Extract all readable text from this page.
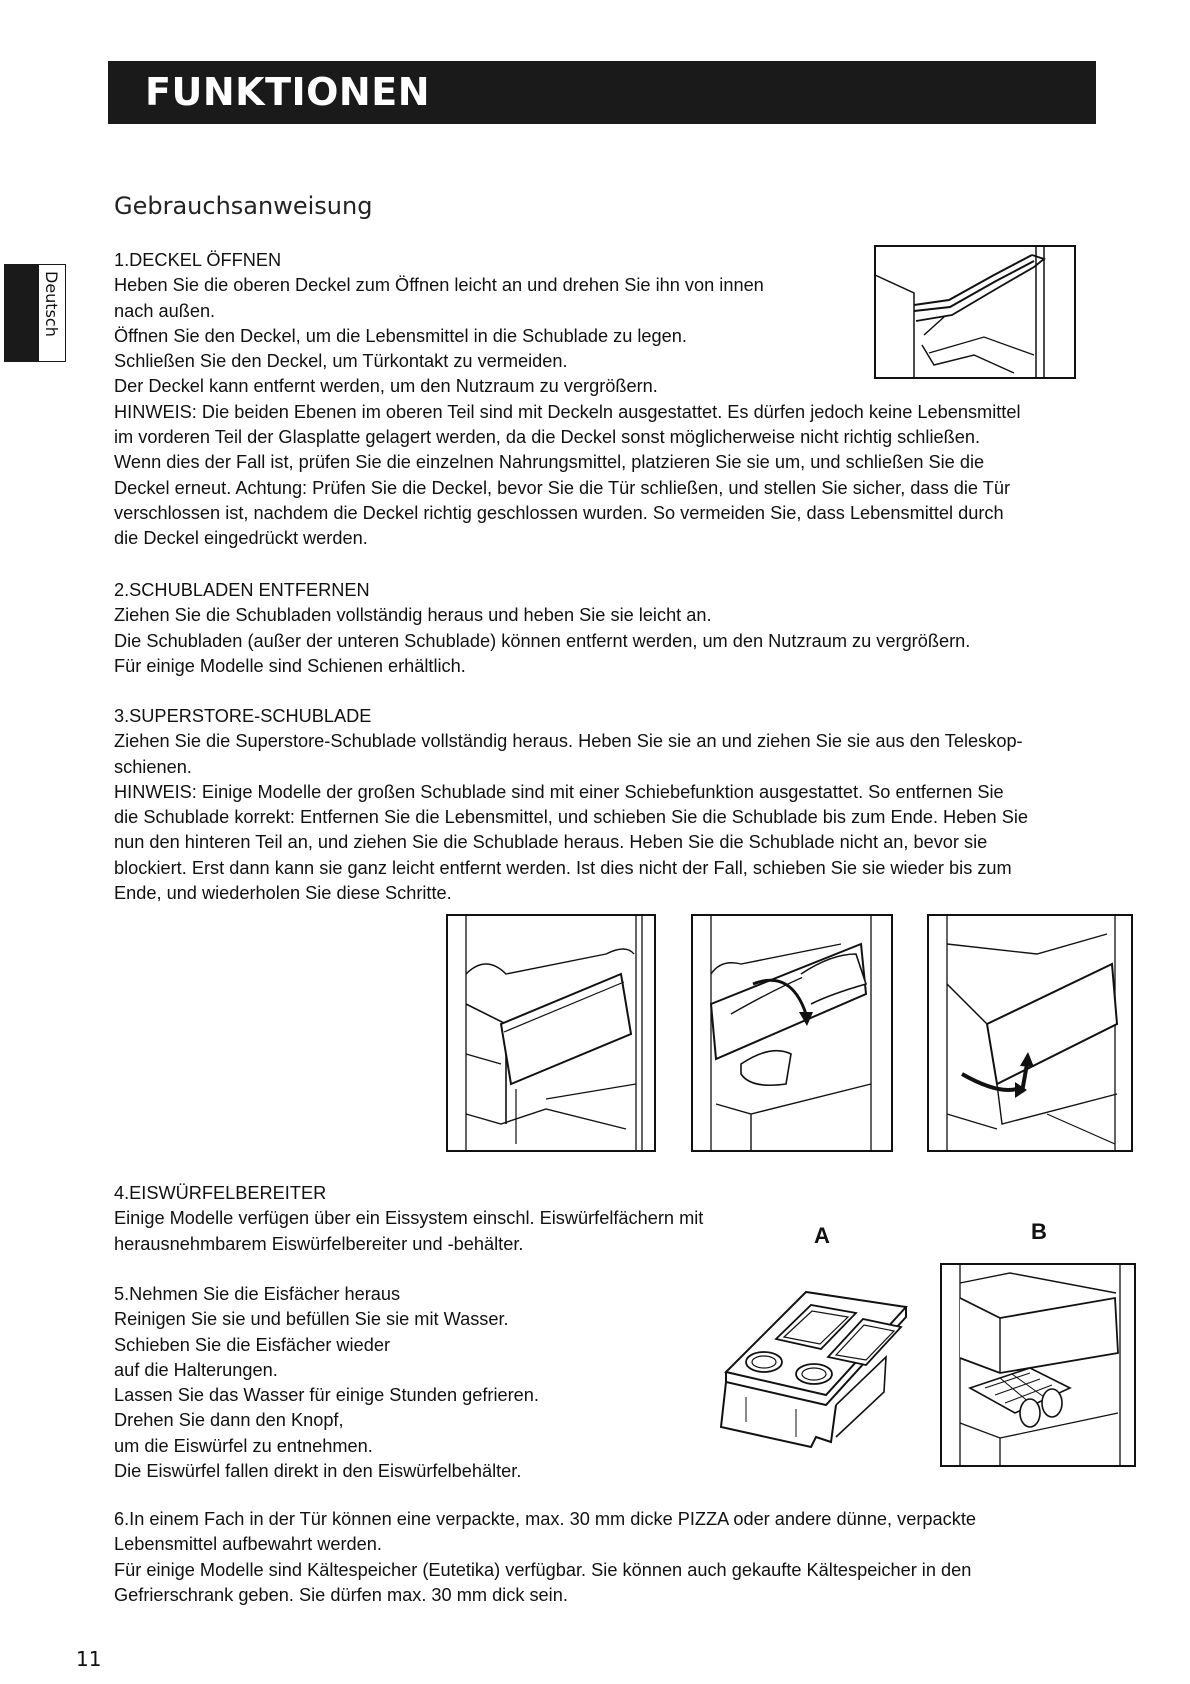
FUNKTIONEN
Deutsch
Gebrauchsanweisung

1.DECKEL ÖFFNEN

Heben Sie die oberen Deckel zum Öffnen leicht an und drehen Sie ihn von innen

nach außen.

Öffnen Sie den Deckel, um die Lebensmittel in die Schublade zu legen.

Schließen Sie den Deckel, um Türkontakt zu vermeiden.

Der Deckel kann entfernt werden, um den Nutzraum zu vergrößern.

HINWEIS: Die beiden Ebenen im oberen Teil sind mit Deckeln ausgestattet. Es dürfen jedoch keine Lebensmittel

im vorderen Teil der Glasplatte gelagert werden, da die Deckel sonst möglicherweise nicht richtig schließen.

Wenn dies der Fall ist, prüfen Sie die einzelnen Nahrungsmittel, platzieren Sie sie um, und schließen Sie die

Deckel erneut. Achtung: Prüfen Sie die Deckel, bevor Sie die Tür schließen, und stellen Sie sicher, dass die Tür

verschlossen ist, nachdem die Deckel richtig geschlossen wurden. So vermeiden Sie, dass Lebensmittel durch

die Deckel eingedrückt werden.

2.SCHUBLADEN ENTFERNEN

Ziehen Sie die Schubladen vollständig heraus und heben Sie sie leicht an.

Die Schubladen (außer der unteren Schublade) können entfernt werden, um den Nutzraum zu vergrößern.

Für einige Modelle sind Schienen erhältlich.

3.SUPERSTORE-SCHUBLADE

Ziehen Sie die Superstore-Schublade vollständig heraus. Heben Sie sie an und ziehen Sie sie aus den Teleskop-

schienen.

HINWEIS: Einige Modelle der großen Schublade sind mit einer Schiebefunktion ausgestattet. So entfernen Sie

die Schublade korrekt: Entfernen Sie die Lebensmittel, und schieben Sie die Schublade bis zum Ende. Heben Sie

nun den hinteren Teil an, und ziehen Sie die Schublade heraus. Heben Sie die Schublade nicht an, bevor sie

blockiert. Erst dann kann sie ganz leicht entfernt werden. Ist dies nicht der Fall, schieben Sie sie wieder bis zum

Ende, und wiederholen Sie diese Schritte.

4.EISWÜRFELBEREITER

Einige Modelle verfügen über ein Eissystem einschl. Eiswürfelfächern mit

herausnehmbarem Eiswürfelbereiter und -behälter.

5.Nehmen Sie die Eisfächer heraus

Reinigen Sie sie und befüllen Sie sie mit Wasser.

Schieben Sie die Eisfächer wieder

auf die Halterungen.

Lassen Sie das Wasser für einige Stunden gefrieren.

Drehen Sie dann den Knopf,

um die Eiswürfel zu entnehmen.

Die Eiswürfel fallen direkt in den Eiswürfelbehälter.

A	B

6.In einem Fach in der Tür können eine verpackte, max. 30 mm dicke PIZZA oder andere dünne, verpackte

Lebensmittel aufbewahrt werden.

Für einige Modelle sind Kältespeicher (Eutetika) verfügbar. Sie können auch gekaufte Kältespeicher in den

Gefrierschrank geben. Sie dürfen max. 30 mm dick sein.

11
